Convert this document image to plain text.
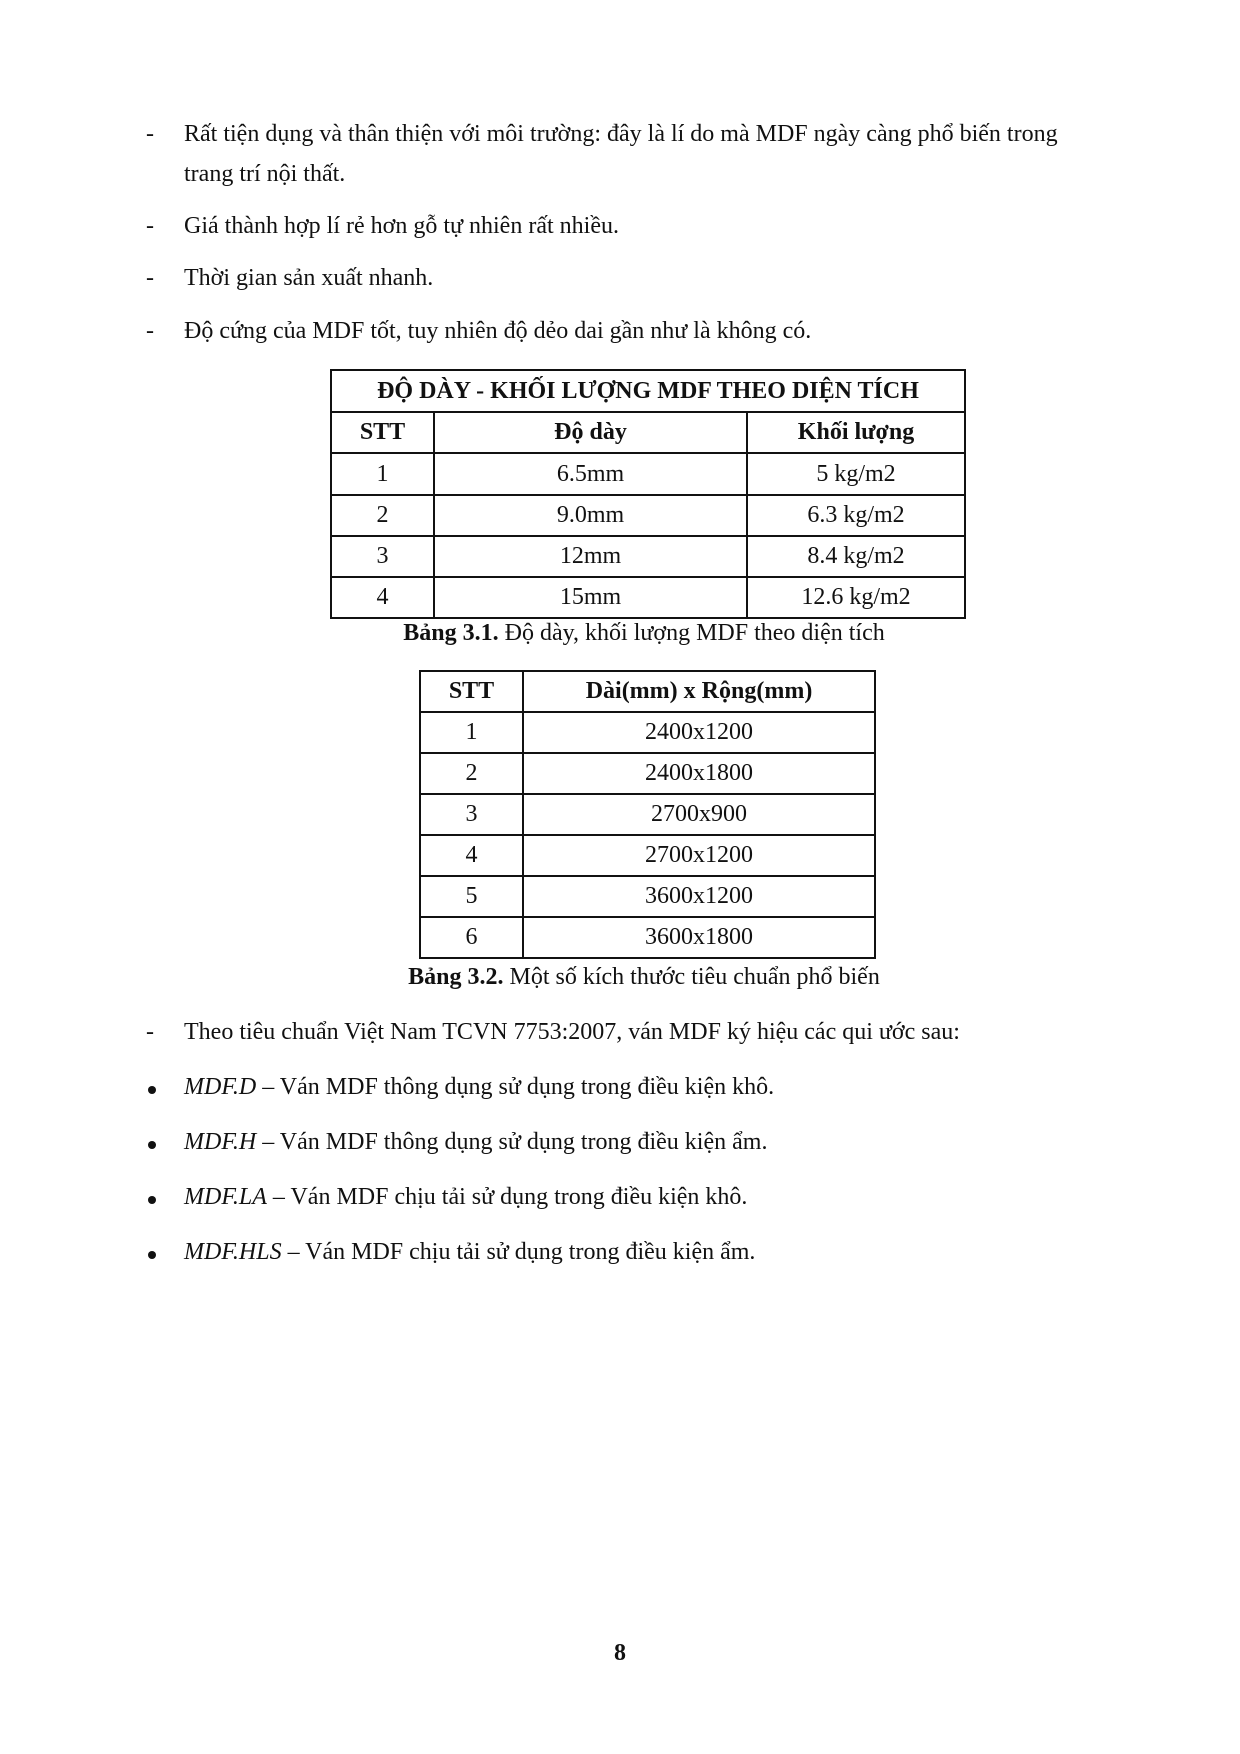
-	Rất tiện dụng và thân thiện với môi trường: đây là lí do mà MDF ngày càng phổ biến trong
trang trí nội thất.
-	Giá thành hợp lí rẻ hơn gỗ tự nhiên rất nhiều.
-	Thời gian sản xuất nhanh.
-	Độ cứng của MDF tốt, tuy nhiên độ dẻo dai gần như là không có.
ĐỘ DÀY - KHỐI LƯỢNG MDF THEO DIỆN TÍCH		
STT	Độ dày	Khối lượng
1	6.5mm	5 kg/m2
2	9.0mm	6.3 kg/m2
3	12mm	8.4 kg/m2
4	15mm	12.6 kg/m2
Bảng 3.1. Độ dày, khối lượng MDF theo diện tích
STT	Dài(mm) x Rộng(mm)
1	2400x1200
2	2400x1800
3	2700x900
4	2700x1200
5	3600x1200
6	3600x1800
Bảng 3.2. Một số kích thước tiêu chuẩn phổ biến
-	Theo tiêu chuẩn Việt Nam TCVN 7753:2007, ván MDF ký hiệu các qui ước sau:
MDF.D – Ván MDF thông dụng sử dụng trong điều kiện khô.
MDF.H – Ván MDF thông dụng sử dụng trong điều kiện ẩm.
MDF.LA – Ván MDF chịu tải sử dụng trong điều kiện khô.
MDF.HLS – Ván MDF chịu tải sử dụng trong điều kiện ẩm.
8
